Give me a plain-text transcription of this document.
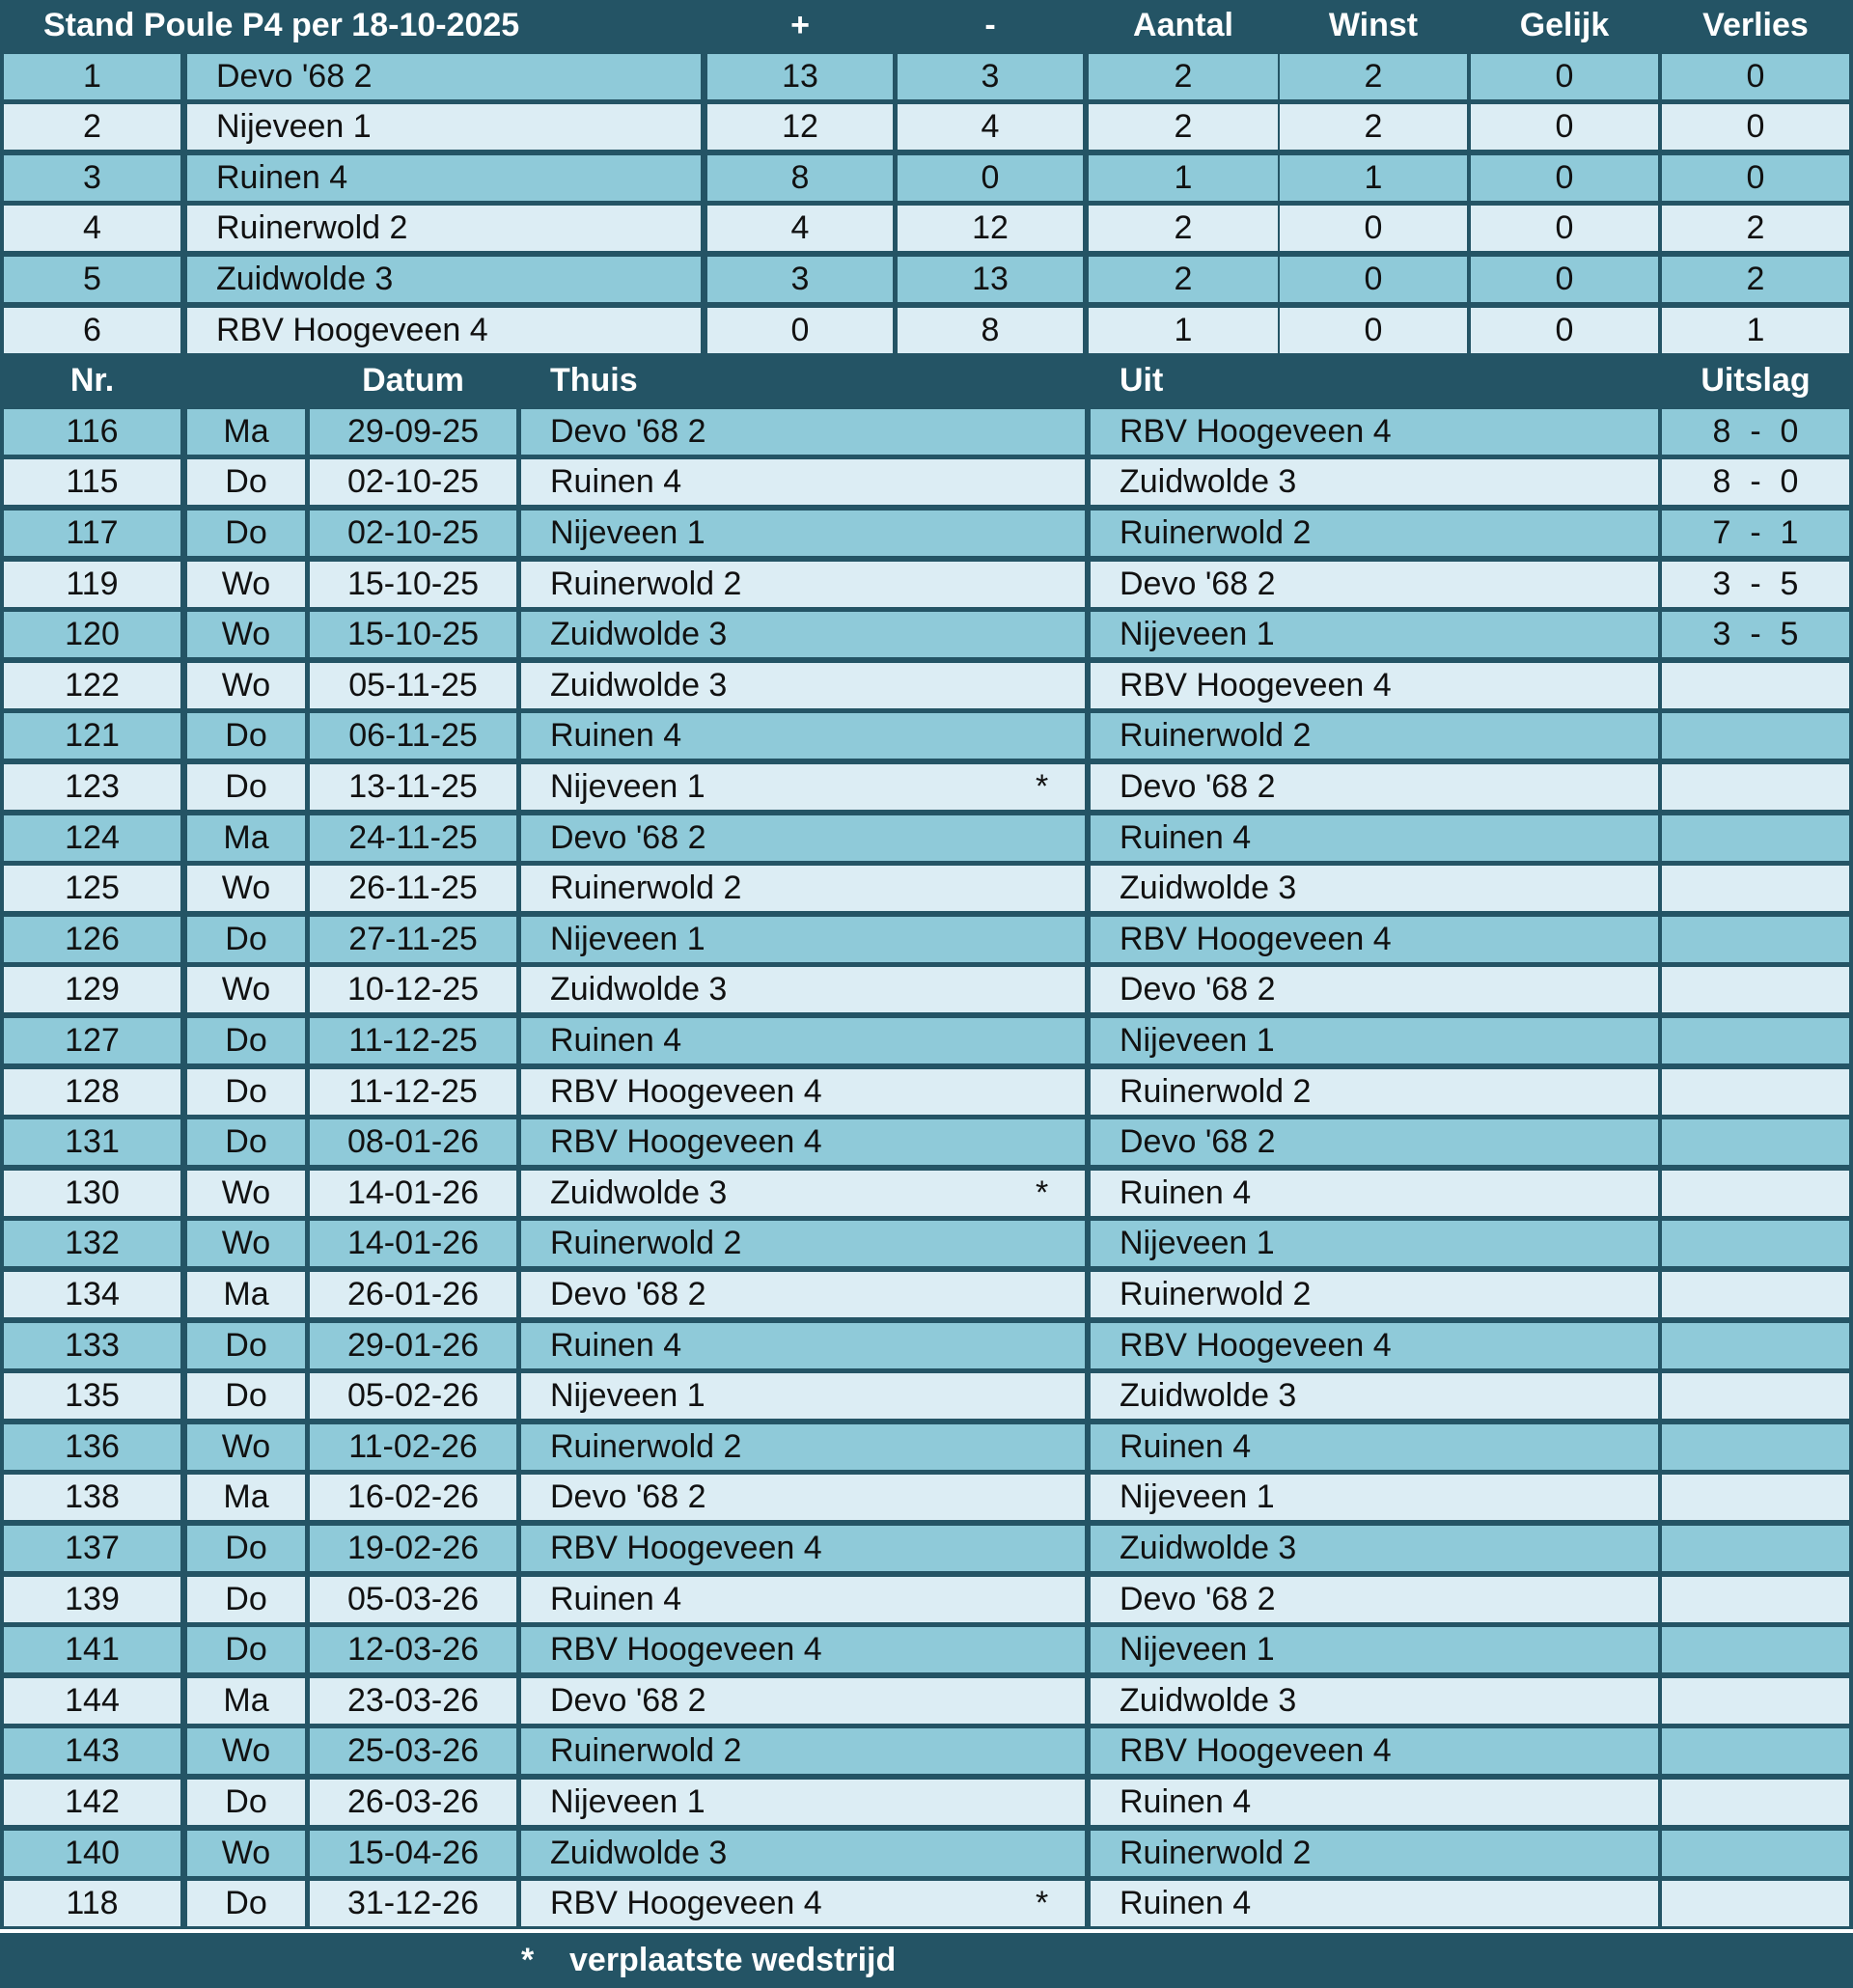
Stand Poule P4 per 18-10-2025	+	-	Aantal	Winst	Gelijk	Verlies
1	Devo '68 2	13	3	2	2	0	0
2	Nijeveen 1	12	4	2	2	0	0
3	Ruinen 4	8	0	1	1	0	0
4	Ruinerwold 2	4	12	2	0	0	2
5	Zuidwolde 3	3	13	2	0	0	2
6	RBV Hoogeveen 4	0	8	1	0	0	1
Nr.	Datum	Thuis	Uit	Uitslag
116	Ma	29-09-25	Devo '68 2	RBV Hoogeveen 4	8 - 0
115	Do	02-10-25	Ruinen 4	Zuidwolde 3	8 - 0
117	Do	02-10-25	Nijeveen 1	Ruinerwold 2	7 - 1
119	Wo	15-10-25	Ruinerwold 2	Devo '68 2	3 - 5
120	Wo	15-10-25	Zuidwolde 3	Nijeveen 1	3 - 5
122	Wo	05-11-25	Zuidwolde 3	RBV Hoogeveen 4
121	Do	06-11-25	Ruinen 4	Ruinerwold 2
123	Do	13-11-25	Nijeveen 1	*	Devo '68 2
124	Ma	24-11-25	Devo '68 2	Ruinen 4
125	Wo	26-11-25	Ruinerwold 2	Zuidwolde 3
126	Do	27-11-25	Nijeveen 1	RBV Hoogeveen 4
129	Wo	10-12-25	Zuidwolde 3	Devo '68 2
127	Do	11-12-25	Ruinen 4	Nijeveen 1
128	Do	11-12-25	RBV Hoogeveen 4	Ruinerwold 2
131	Do	08-01-26	RBV Hoogeveen 4	Devo '68 2
130	Wo	14-01-26	Zuidwolde 3	*	Ruinen 4
132	Wo	14-01-26	Ruinerwold 2	Nijeveen 1
134	Ma	26-01-26	Devo '68 2	Ruinerwold 2
133	Do	29-01-26	Ruinen 4	RBV Hoogeveen 4
135	Do	05-02-26	Nijeveen 1	Zuidwolde 3
136	Wo	11-02-26	Ruinerwold 2	Ruinen 4
138	Ma	16-02-26	Devo '68 2	Nijeveen 1
137	Do	19-02-26	RBV Hoogeveen 4	Zuidwolde 3
139	Do	05-03-26	Ruinen 4	Devo '68 2
141	Do	12-03-26	RBV Hoogeveen 4	Nijeveen 1
144	Ma	23-03-26	Devo '68 2	Zuidwolde 3
143	Wo	25-03-26	Ruinerwold 2	RBV Hoogeveen 4
142	Do	26-03-26	Nijeveen 1	Ruinen 4
140	Wo	15-04-26	Zuidwolde 3	Ruinerwold 2
118	Do	31-12-26	RBV Hoogeveen 4	*	Ruinen 4
* verplaatste wedstrijd
